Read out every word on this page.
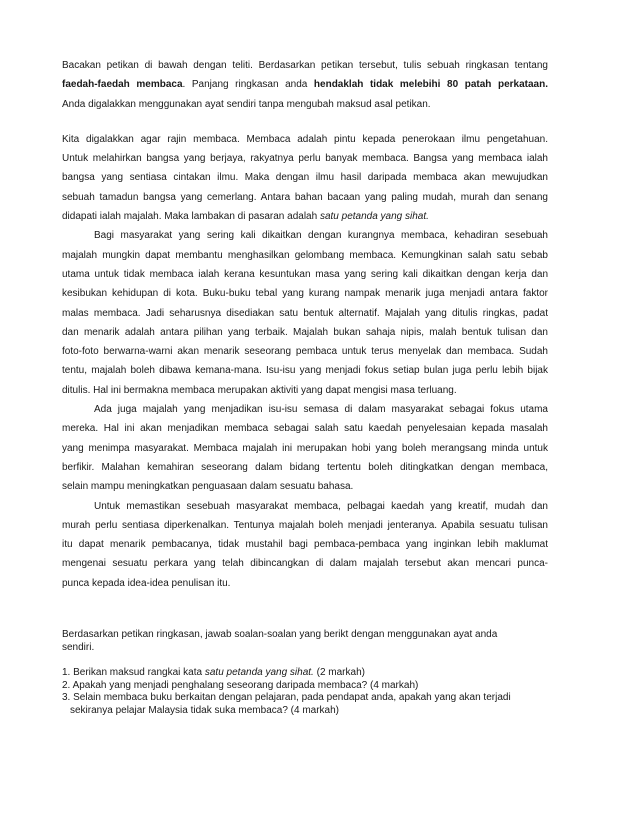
Bacakan petikan di bawah dengan teliti. Berdasarkan petikan tersebut, tulis sebuah ringkasan tentang

faedah-faedah membaca. Panjang ringkasan anda hendaklah tidak melebihi 80 patah perkataan.

Anda digalakkan menggunakan ayat sendiri tanpa mengubah maksud asal petikan.

Kita digalakkan agar rajin membaca. Membaca adalah pintu kepada penerokaan ilmu pengetahuan.

Untuk melahirkan bangsa yang berjaya, rakyatnya perlu banyak membaca. Bangsa yang membaca ialah

bangsa yang sentiasa cintakan ilmu. Maka dengan ilmu hasil daripada membaca akan mewujudkan

sebuah tamadun bangsa yang cemerlang. Antara bahan bacaan yang paling mudah, murah dan senang

didapati ialah majalah. Maka lambakan di pasaran adalah satu petanda yang sihat.

Bagi masyarakat yang sering kali dikaitkan dengan kurangnya membaca, kehadiran sesebuah

majalah mungkin dapat membantu menghasilkan gelombang membaca. Kemungkinan salah satu sebab

utama untuk tidak membaca ialah kerana kesuntukan masa yang sering kali dikaitkan dengan kerja dan

kesibukan kehidupan di kota. Buku-buku tebal yang kurang nampak menarik juga menjadi antara faktor

malas membaca. Jadi seharusnya disediakan satu bentuk alternatif. Majalah yang ditulis ringkas, padat

dan menarik adalah antara pilihan yang terbaik. Majalah bukan sahaja nipis, malah bentuk tulisan dan

foto-foto berwarna-warni akan menarik seseorang pembaca untuk terus menyelak dan membaca. Sudah

tentu, majalah boleh dibawa kemana-mana. Isu-isu yang menjadi fokus setiap bulan juga perlu lebih bijak

ditulis. Hal ini bermakna membaca merupakan aktiviti yang dapat mengisi masa terluang.

Ada juga majalah yang menjadikan isu-isu semasa di dalam masyarakat sebagai fokus utama

mereka. Hal ini akan menjadikan membaca sebagai salah satu kaedah penyelesaian kepada masalah

yang menimpa masyarakat. Membaca majalah ini merupakan hobi yang boleh merangsang minda untuk

berfikir. Malahan kemahiran seseorang dalam bidang tertentu boleh ditingkatkan dengan membaca,

selain mampu meningkatkan penguasaan dalam sesuatu bahasa.

Untuk memastikan sesebuah masyarakat membaca, pelbagai kaedah yang kreatif, mudah dan

murah perlu sentiasa diperkenalkan. Tentunya majalah boleh menjadi jenteranya. Apabila sesuatu tulisan

itu dapat menarik pembacanya, tidak mustahil bagi pembaca-pembaca yang inginkan lebih maklumat

mengenai sesuatu perkara yang telah dibincangkan di dalam majalah tersebut akan mencari punca-

punca kepada idea-idea penulisan itu.

Berdasarkan petikan ringkasan, jawab soalan-soalan yang berikt dengan menggunakan ayat anda

sendiri.

1. Berikan maksud rangkai kata satu petanda yang sihat. (2 markah)

2. Apakah yang menjadi penghalang seseorang daripada membaca? (4 markah)

3. Selain membaca buku berkaitan dengan pelajaran, pada pendapat anda, apakah yang akan terjadi

sekiranya pelajar Malaysia tidak suka membaca? (4 markah)
